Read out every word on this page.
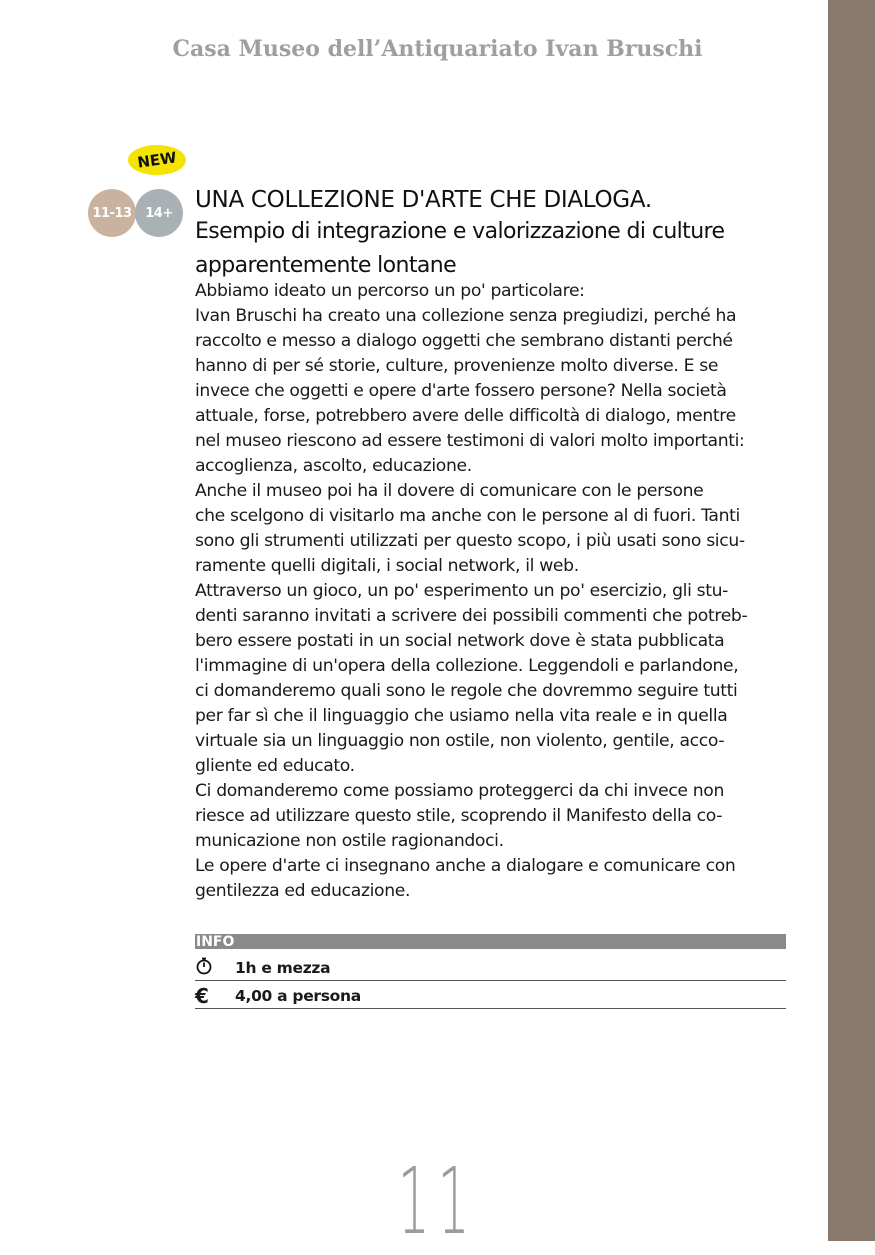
Casa Museo dell’Antiquariato Ivan Bruschi
NEW
11-13	14+ UNA COLLEZIONE D'ARTE CHE DIALOGA.
Esempio di integrazione e valorizzazione di culture
apparentemente lontane

Abbiamo ideato un percorso un po' particolare:

Ivan Bruschi ha creato una collezione senza pregiudizi, perché ha

raccolto e messo a dialogo oggetti che sembrano distanti perché

hanno di per sé storie, culture, provenienze molto diverse. E se

invece che oggetti e opere d'arte fossero persone? Nella società

attuale, forse, potrebbero avere delle difficoltà di dialogo, mentre

nel museo riescono ad essere testimoni di valori molto importanti:

accoglienza, ascolto, educazione.

Anche il museo poi ha il dovere di comunicare con le persone

che scelgono di visitarlo ma anche con le persone al di fuori. Tanti

sono gli strumenti utilizzati per questo scopo, i più usati sono sicu-

ramente quelli digitali, i social network, il web.

Attraverso un gioco, un po' esperimento un po' esercizio, gli stu-

denti saranno invitati a scrivere dei possibili commenti che potreb-

bero essere postati in un social network dove è stata pubblicata

l'immagine di un'opera della collezione. Leggendoli e parlandone,

ci domanderemo quali sono le regole che dovremmo seguire tutti

per far sì che il linguaggio che usiamo nella vita reale e in quella

virtuale sia un linguaggio non ostile, non violento, gentile, acco-

gliente ed educato.

Ci domanderemo come possiamo proteggerci da chi invece non

riesce ad utilizzare questo stile, scoprendo il Manifesto della co-

municazione non ostile ragionandoci.

Le opere d'arte ci insegnano anche a dialogare e comunicare con

gentilezza ed educazione.

INFO
1h e mezza
€	4,00 a persona
11
